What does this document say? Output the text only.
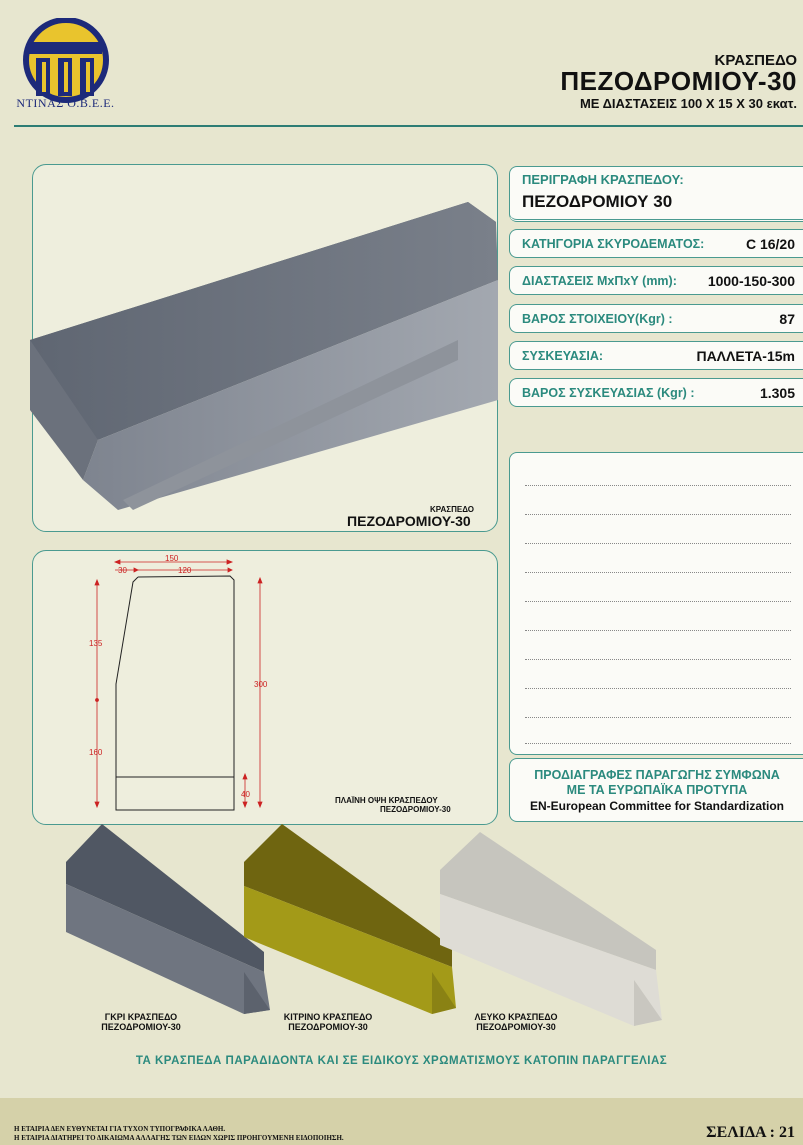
ΝΤΙΝΑΣ Ο.Β.Ε.Ε.
ΚΡΑΣΠΕΔΟ
ΠΕΖΟΔΡΟΜΙΟΥ-30
ΜΕ ΔΙΑΣΤΑΣΕΙΣ 100 Χ 15 Χ 30 εκατ.
ΚΡΑΣΠΕΔΟ
ΠΕΖΟΔΡΟΜΙΟΥ-30
ΠΕΡΙΓΡΑΦΗ ΚΡΑΣΠΕΔΟΥ:
ΠΕΖΟΔΡΟΜΙΟΥ 30
ΚΑΤΗΓΟΡΙΑ ΣΚΥΡΟΔΕΜΑΤΟΣ:	C 16/20
ΔΙΑΣΤΑΣΕΙΣ ΜxΠxΥ (mm): 1000-150-300
ΒΑΡΟΣ ΣΤΟΙΧΕΙΟΥ(Kgr) :	87
ΣΥΣΚΕΥΑΣΙΑ:	ΠΑΛΛΕΤΑ-15m
ΒΑΡΟΣ ΣΥΣΚΕΥΑΣΙΑΣ (Kgr) :	1.305
ΠΡΟΔΙΑΓΡΑΦΕΣ ΠΑΡΑΓΩΓΗΣ ΣΥΜΦΩΝΑ
ΜΕ ΤΑ ΕΥΡΩΠΑΪΚΑ ΠΡΟΤΥΠΑ
EN-European Committee for Standardization
150
30	120
135
160
300
40
ΠΛΑΪΝΗ ΟΨΗ ΚΡΑΣΠΕΔΟΥ
ΠΕΖΟΔΡΟΜΙΟΥ-30
ΓΚΡΙ ΚΡΑΣΠΕΔΟ
ΠΕΖΟΔΡΟΜΙΟΥ-30
ΚΙΤΡΙΝΟ ΚΡΑΣΠΕΔΟ
ΠΕΖΟΔΡΟΜΙΟΥ-30
ΛΕΥΚΟ ΚΡΑΣΠΕΔΟ
ΠΕΖΟΔΡΟΜΙΟΥ-30
ΤΑ ΚΡΑΣΠΕΔΑ ΠΑΡΑΔΙΔΟΝΤΑ ΚΑΙ ΣΕ ΕΙΔΙΚΟΥΣ ΧΡΩΜΑΤΙΣΜΟΥΣ ΚΑΤΟΠΙΝ ΠΑΡΑΓΓΕΛΙΑΣ
Η ΕΤΑΙΡΙΑ ΔΕΝ ΕΥΘΥΝΕΤΑΙ ΓΙΑ ΤΥΧΟΝ ΤΥΠΟΓΡΑΦΙΚΑ ΛΑΘΗ.
Η ΕΤΑΙΡΙΑ ΔΙΑΤΗΡΕΙ ΤΟ ΔΙΚΑΙΩΜΑ ΑΛΛΑΓΗΣ ΤΩΝ ΕΙΔΩΝ ΧΩΡΙΣ ΠΡΟΗΓΟΥΜΕΝΗ ΕΙΔΟΠΟΙΗΣΗ.	ΣΕΛΙΔΑ : 21
